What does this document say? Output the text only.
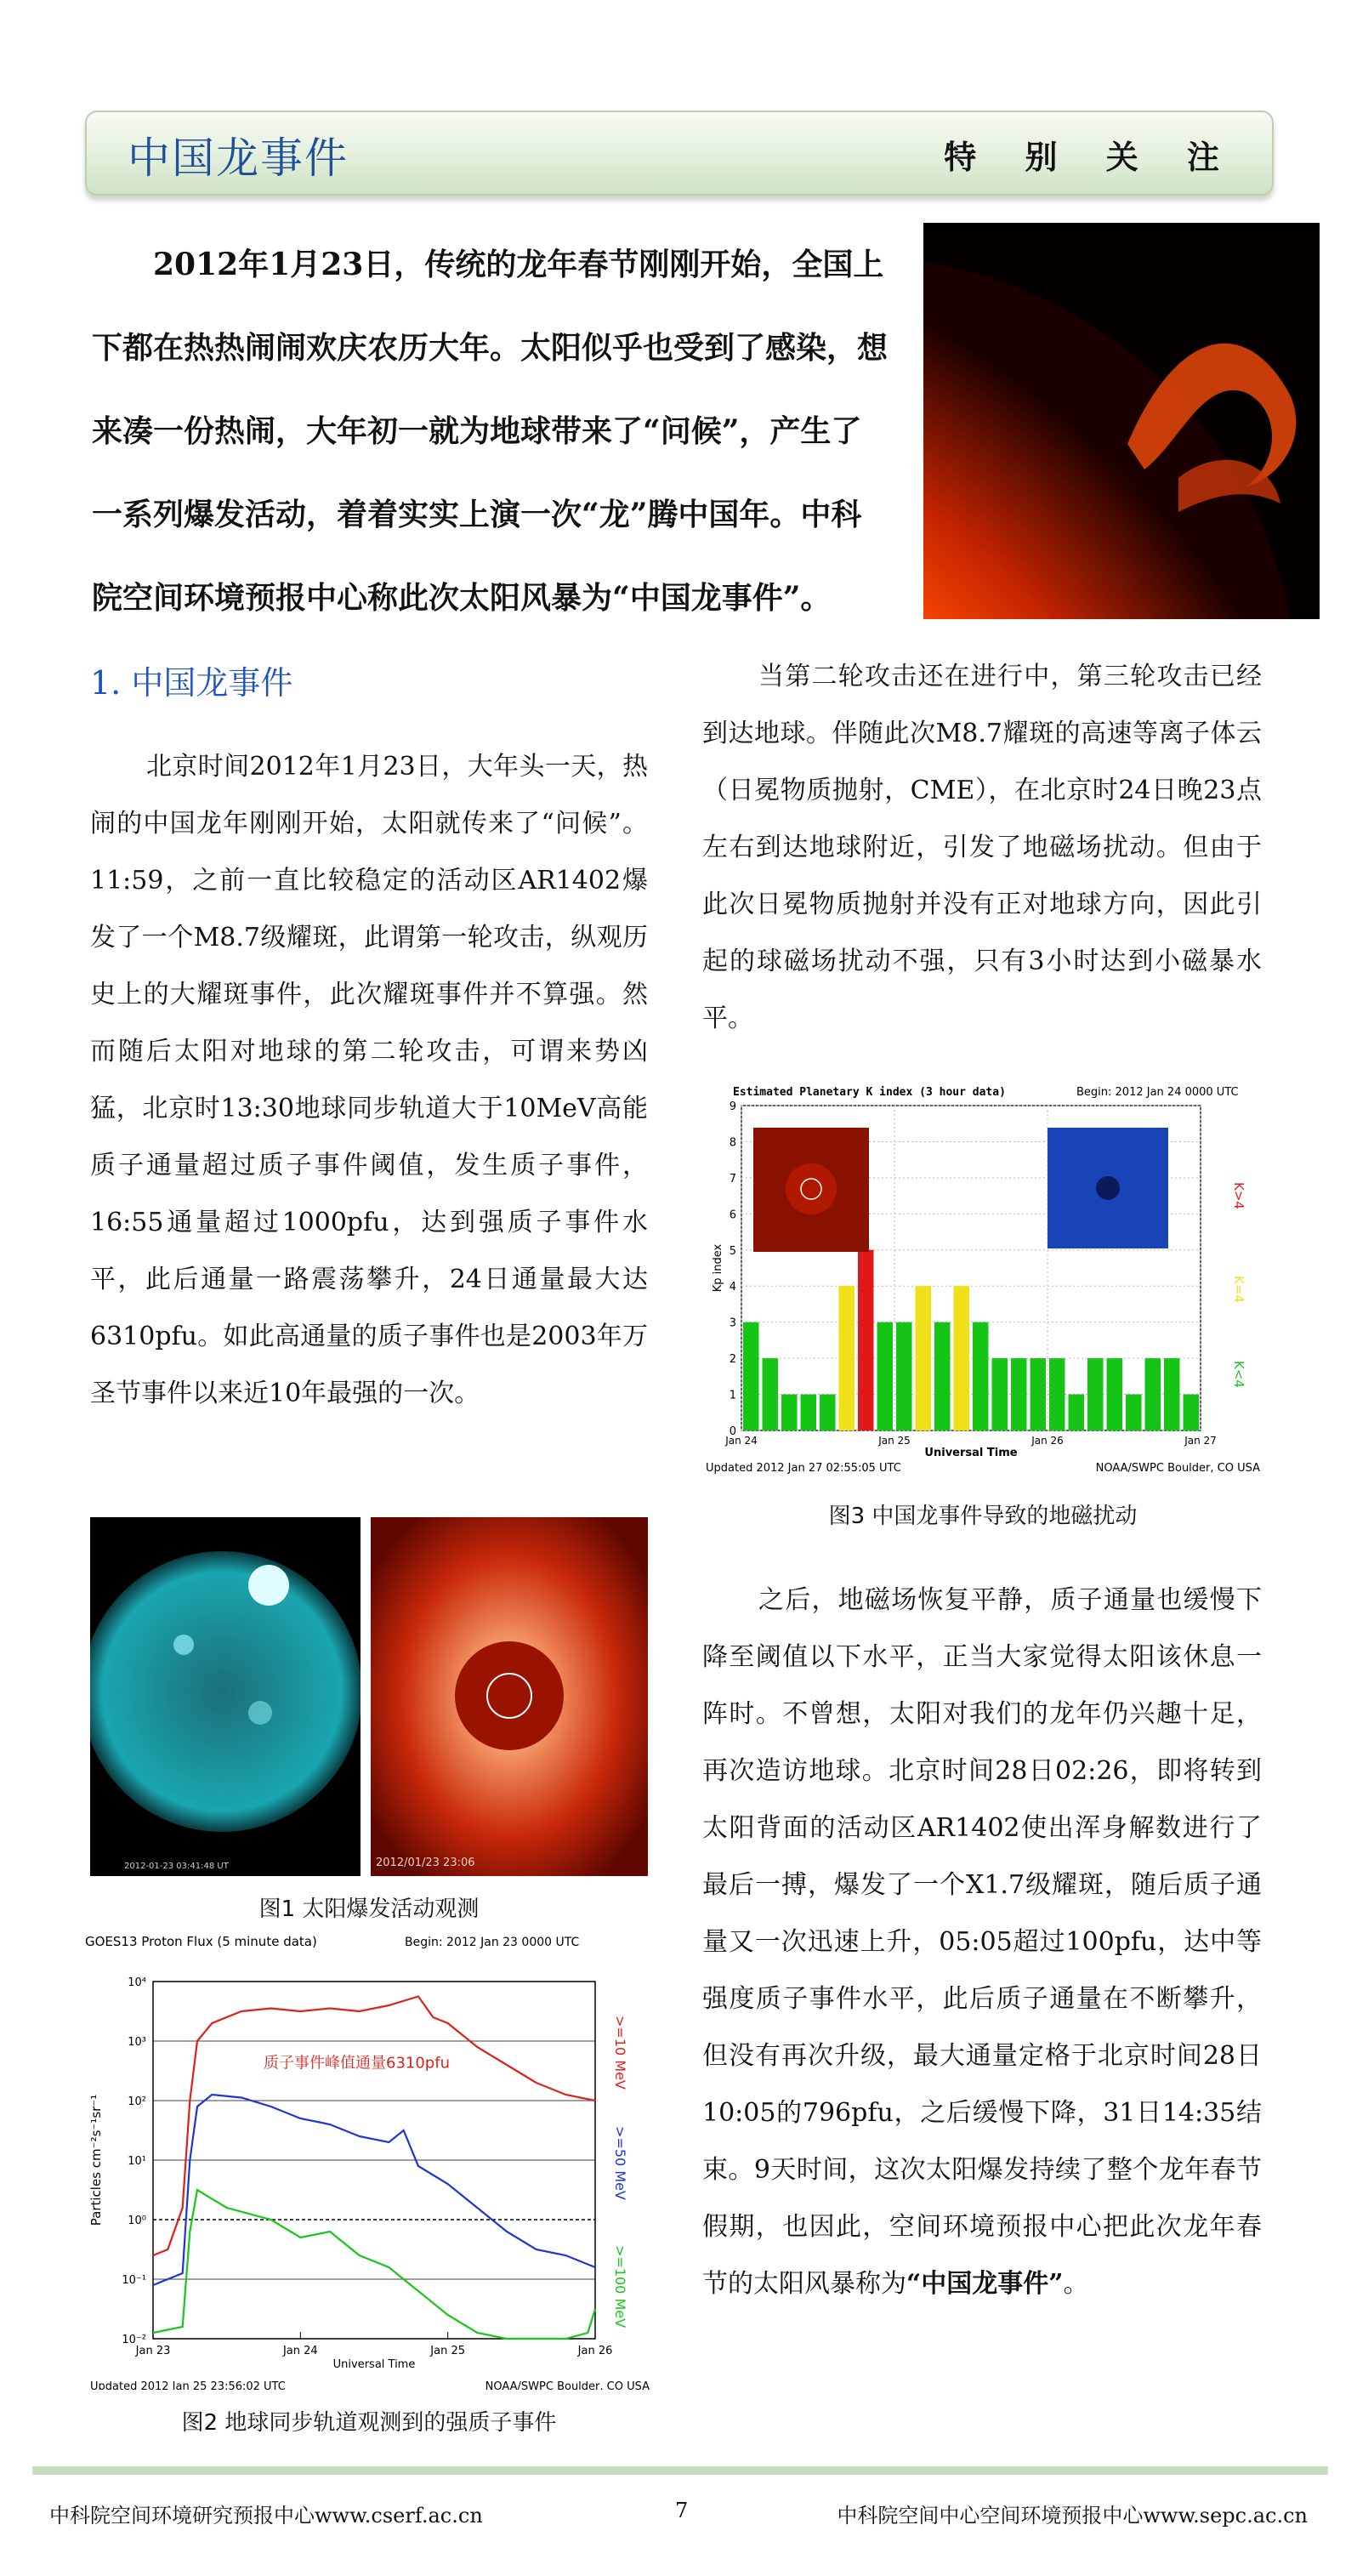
中国龙事件	特 别 关 注
2012年1月23日，传统的龙年春节刚刚开始，全国上下都在热热闹闹欢庆农历大年。太阳似乎也受到了感染，想来凑一份热闹，大年初一就为地球带来了“问候”，产生了一系列爆发活动，着着实实上演一次“龙”腾中国年。中科院空间环境预报中心称此次太阳风暴为“中国龙事件”。
1. 中国龙事件
北京时间2012年1月23日，大年头一天，热闹的中国龙年刚刚开始，太阳就传来了“问候”。11:59，之前一直比较稳定的活动区AR1402爆发了一个M8.7级耀斑，此谓第一轮攻击，纵观历史上的大耀斑事件，此次耀斑事件并不算强。然而随后太阳对地球的第二轮攻击，可谓来势凶猛，北京时13:30地球同步轨道大于10MeV高能质子通量超过质子事件阈值，发生质子事件，16:55通量超过1000pfu，达到强质子事件水平，此后通量一路震荡攀升，24日通量最大达6310pfu。如此高通量的质子事件也是2003年万圣节事件以来近10年最强的一次。
当第二轮攻击还在进行中，第三轮攻击已经到达地球。伴随此次M8.7耀斑的高速等离子体云（日冕物质抛射，CME），在北京时24日晚23点左右到达地球附近，引发了地磁场扰动。但由于此次日冕物质抛射并没有正对地球方向，因此引起的球磁场扰动不强，只有3小时达到小磁暴水平。
2012-01-23 03:41:48 UT	2012/01/23 23:06
图1 太阳爆发活动观测
GOES13 Proton Flux (5 minute data)	Begin: 2012 Jan 23 0000 UTC
10⁻²
10⁻¹
10⁰
10¹
10²
10³
10⁴
Jan 23	Jan 24	Jan 25	Jan 26
Universal Time
Particles cm⁻²s⁻¹sr⁻¹
>=10 MeV
>=50 MeV
>=100 MeV
质子事件峰值通量6310pfu
Updated 2012 Jan 25 23:56:02 UTC	NOAA/SWPC Boulder, CO USA
图2 地球同步轨道观测到的强质子事件
Estimated Planetary K index (3 hour data)	Begin: 2012 Jan 24 0000 UTC
0
1
2
3
4
5
6
7
8
9
Jan 24	Jan 25	Jan 26	Jan 27
Kp index
Universal Time
K<4
K=4
K>4
Updated 2012 Jan 27 02:55:05 UTC	NOAA/SWPC Boulder, CO USA
图3 中国龙事件导致的地磁扰动
之后，地磁场恢复平静，质子通量也缓慢下降至阈值以下水平，正当大家觉得太阳该休息一阵时。不曾想，太阳对我们的龙年仍兴趣十足，再次造访地球。北京时间28日02:26，即将转到太阳背面的活动区AR1402使出浑身解数进行了最后一搏，爆发了一个X1.7级耀斑，随后质子通量又一次迅速上升，05:05超过100pfu，达中等强度质子事件水平，此后质子通量在不断攀升，但没有再次升级，最大通量定格于北京时间28日10:05的796pfu，之后缓慢下降，31日14:35结束。9天时间，这次太阳爆发持续了整个龙年春节假期，也因此，空间环境预报中心把此次龙年春节的太阳风暴称为“中国龙事件”。
中科院空间环境研究预报中心www.cserf.ac.cn	7	中科院空间中心空间环境预报中心www.sepc.ac.cn
